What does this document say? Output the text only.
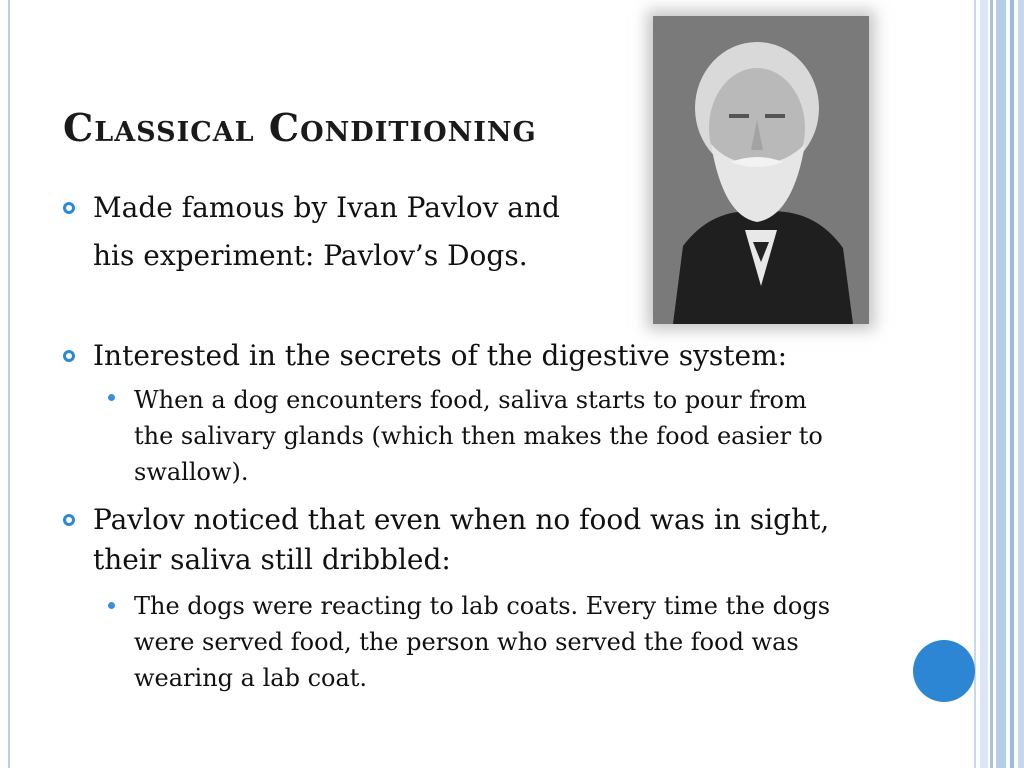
Classical Conditioning
Made famous by Ivan Pavlov and
his experiment: Pavlov’s Dogs.
Interested in the secrets of the digestive system:
When a dog encounters food, saliva starts to pour from
the salivary glands (which then makes the food easier to
swallow).
Pavlov noticed that even when no food was in sight,
their saliva still dribbled:
The dogs were reacting to lab coats. Every time the dogs
were served food, the person who served the food was
wearing a lab coat.
